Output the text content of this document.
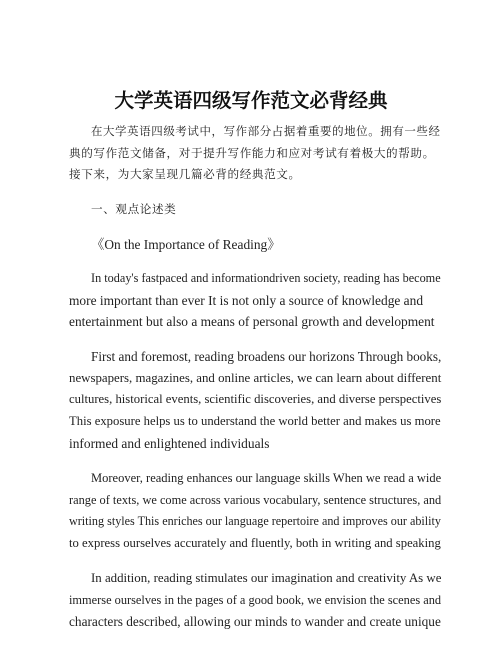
大学英语四级写作范文必背经典
在大学英语四级考试中，写作部分占据着重要的地位。拥有一些经
典的写作范文储备，对于提升写作能力和应对考试有着极大的帮助。
接下来，为大家呈现几篇必背的经典范文。
一、观点论述类
《On the Importance of Reading》
In today's fastpaced and informationdriven society, reading has become
more important than ever It is not only a source of knowledge and
entertainment but also a means of personal growth and development
First and foremost, reading broadens our horizons Through books,
newspapers, magazines, and online articles, we can learn about different
cultures, historical events, scientific discoveries, and diverse perspectives
This exposure helps us to understand the world better and makes us more
informed and enlightened individuals
Moreover, reading enhances our language skills When we read a wide
range of texts, we come across various vocabulary, sentence structures, and
writing styles This enriches our language repertoire and improves our ability
to express ourselves accurately and fluently, both in writing and speaking
In addition, reading stimulates our imagination and creativity As we
immerse ourselves in the pages of a good book, we envision the scenes and
characters described, allowing our minds to wander and create unique
